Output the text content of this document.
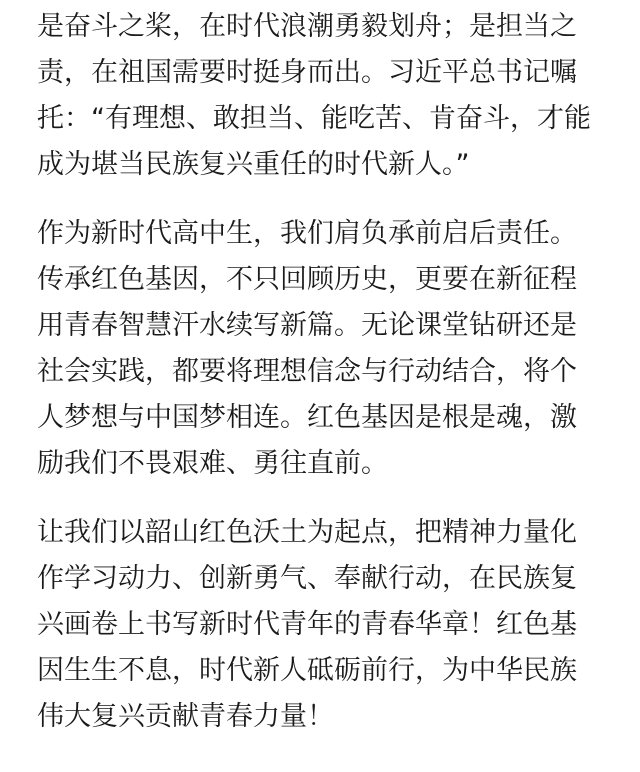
是奋斗之桨，在时代浪潮勇毅划舟；是担当之
责，在祖国需要时挺身而出。习近平总书记嘱
托：“有理想、敢担当、能吃苦、肯奋斗，才能
成为堪当民族复兴重任的时代新人。”

作为新时代高中生，我们肩负承前启后责任。
传承红色基因，不只回顾历史，更要在新征程
用青春智慧汗水续写新篇。无论课堂钻研还是
社会实践，都要将理想信念与行动结合，将个
人梦想与中国梦相连。红色基因是根是魂，激
励我们不畏艰难、勇往直前。

让我们以韶山红色沃土为起点，把精神力量化
作学习动力、创新勇气、奉献行动，在民族复
兴画卷上书写新时代青年的青春华章！红色基
因生生不息，时代新人砥砺前行，为中华民族
伟大复兴贡献青春力量！
